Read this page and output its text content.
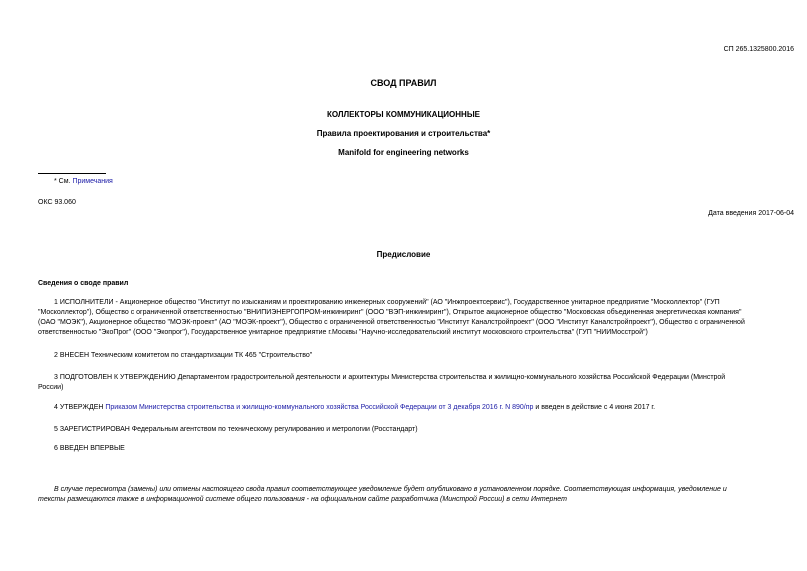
СП 265.1325800.2016
СВОД ПРАВИЛ
КОЛЛЕКТОРЫ КОММУНИКАЦИОННЫЕ
Правила проектирования и строительства*
Manifold for engineering networks
* См. Примечания
ОКС 93.060
Дата введения 2017-06-04
Предисловие
Сведения о своде правил
1 ИСПОЛНИТЕЛИ - Акционерное общество "Институт по изысканиям и проектированию инженерных сооружений" (АО "Инжпроектсервис"), Государственное унитарное предприятие "Москоллектор" (ГУП
"Москоллектор"), Общество с ограниченной ответственностью "ВНИПИЭНЕРГОПРОМ-инжиниринг" (ООО "ВЭП-инжиниринг"), Открытое акционерное общество "Московская объединенная энергетическая компания"
(ОАО "МОЭК"), Акционерное общество "МОЭК-проект" (АО "МОЭК-проект"), Общество с ограниченной ответственностью "Институт Каналстройпроект" (ООО "Институт Каналстройпроект"), Общество с ограниченной
ответственностью "ЭкоПрог" (ООО "Экопрог"), Государственное унитарное предприятие г.Москвы "Научно-исследовательский институт московского строительства" (ГУП "НИИМосстрой")
2 ВНЕСЕН Техническим комитетом по стандартизации ТК 465 "Строительство"
3 ПОДГОТОВЛЕН К УТВЕРЖДЕНИЮ Департаментом градостроительной деятельности и архитектуры Министерства строительства и жилищно-коммунального хозяйства Российской Федерации (Минстрой
России)
4 УТВЕРЖДЕН Приказом Министерства строительства и жилищно-коммунального хозяйства Российской Федерации от 3 декабря 2016 г. N 890/пр и введен в действие с 4 июня 2017 г.
5 ЗАРЕГИСТРИРОВАН Федеральным агентством по техническому регулированию и метрологии (Росстандарт)
6 ВВЕДЕН ВПЕРВЫЕ
В случае пересмотра (замены) или отмены настоящего свода правил соответствующее уведомление будет опубликовано в установленном порядке. Соответствующая информация, уведомление и
тексты размещаются также в информационной системе общего пользования - на официальном сайте разработчика (Минстрой России) в сети Интернет
